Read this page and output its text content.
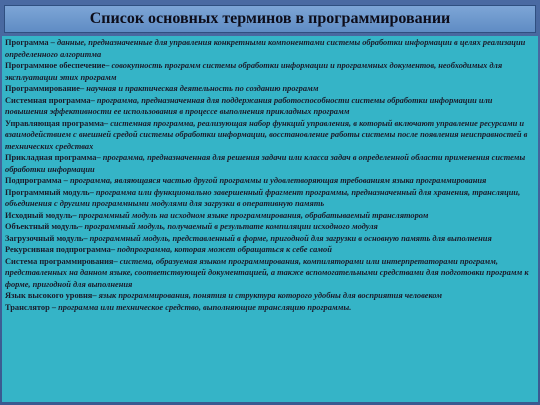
Список основных терминов в программировании

Программа – данные, предназначенные для управления конкретными компонентами системы обработки информации в целях реализации определенного алгоритма

Программное обеспечение– совокупность программ системы обработки информации и программных документов, необходимых для эксплуатации этих программ

Программирование– научная и практическая деятельность по созданию программ

Системная программа– программа, предназначенная для поддержания работоспособности системы обработки информации или повышения эффективности ее использования в процессе выполнения прикладных программ

Управляющая программа– системная программа, реализующая набор функций управления, в который включают управление ресурсами и взаимодействием с внешней средой системы обработки информации, восстановление работы системы после появления неисправностей в технических средствах

Прикладная программа– программа, предназначенная для решения задачи или класса задач в определенной области применения системы обработки информации

Подпрограмма – программа, являющаяся частью другой программы и удовлетворяющая требованиям языка программирования

Программный модуль– программа или функционально завершенный фрагмент программы, предназначенный для хранения, трансляции, объединения с другими программными модулями для загрузки в оперативную память

Исходный модуль– программный модуль на исходном языке программирования, обрабатываемый транслятором

Объектный модуль– программный модуль, получаемый в результате компиляции исходного модуля

Загрузочный модуль– программный модуль, представленный в форме, пригодной для загрузки в основную память для выполнения

Рекурсивная подпрограмма– подпрограмма, которая может обращаться к себе самой

Система программирования– система, образуемая языком программирования, компиляторами или интерпретаторами программ, представленных на данном языке, соответствующей документацией, а также вспомогательными средствами для подготовки программ к форме, пригодной для выполнения

Язык высокого уровня– язык программирования, понятия и структура которого удобны для восприятия человеком

Транслятор – программа или техническое средство, выполняющие трансляцию программы.
